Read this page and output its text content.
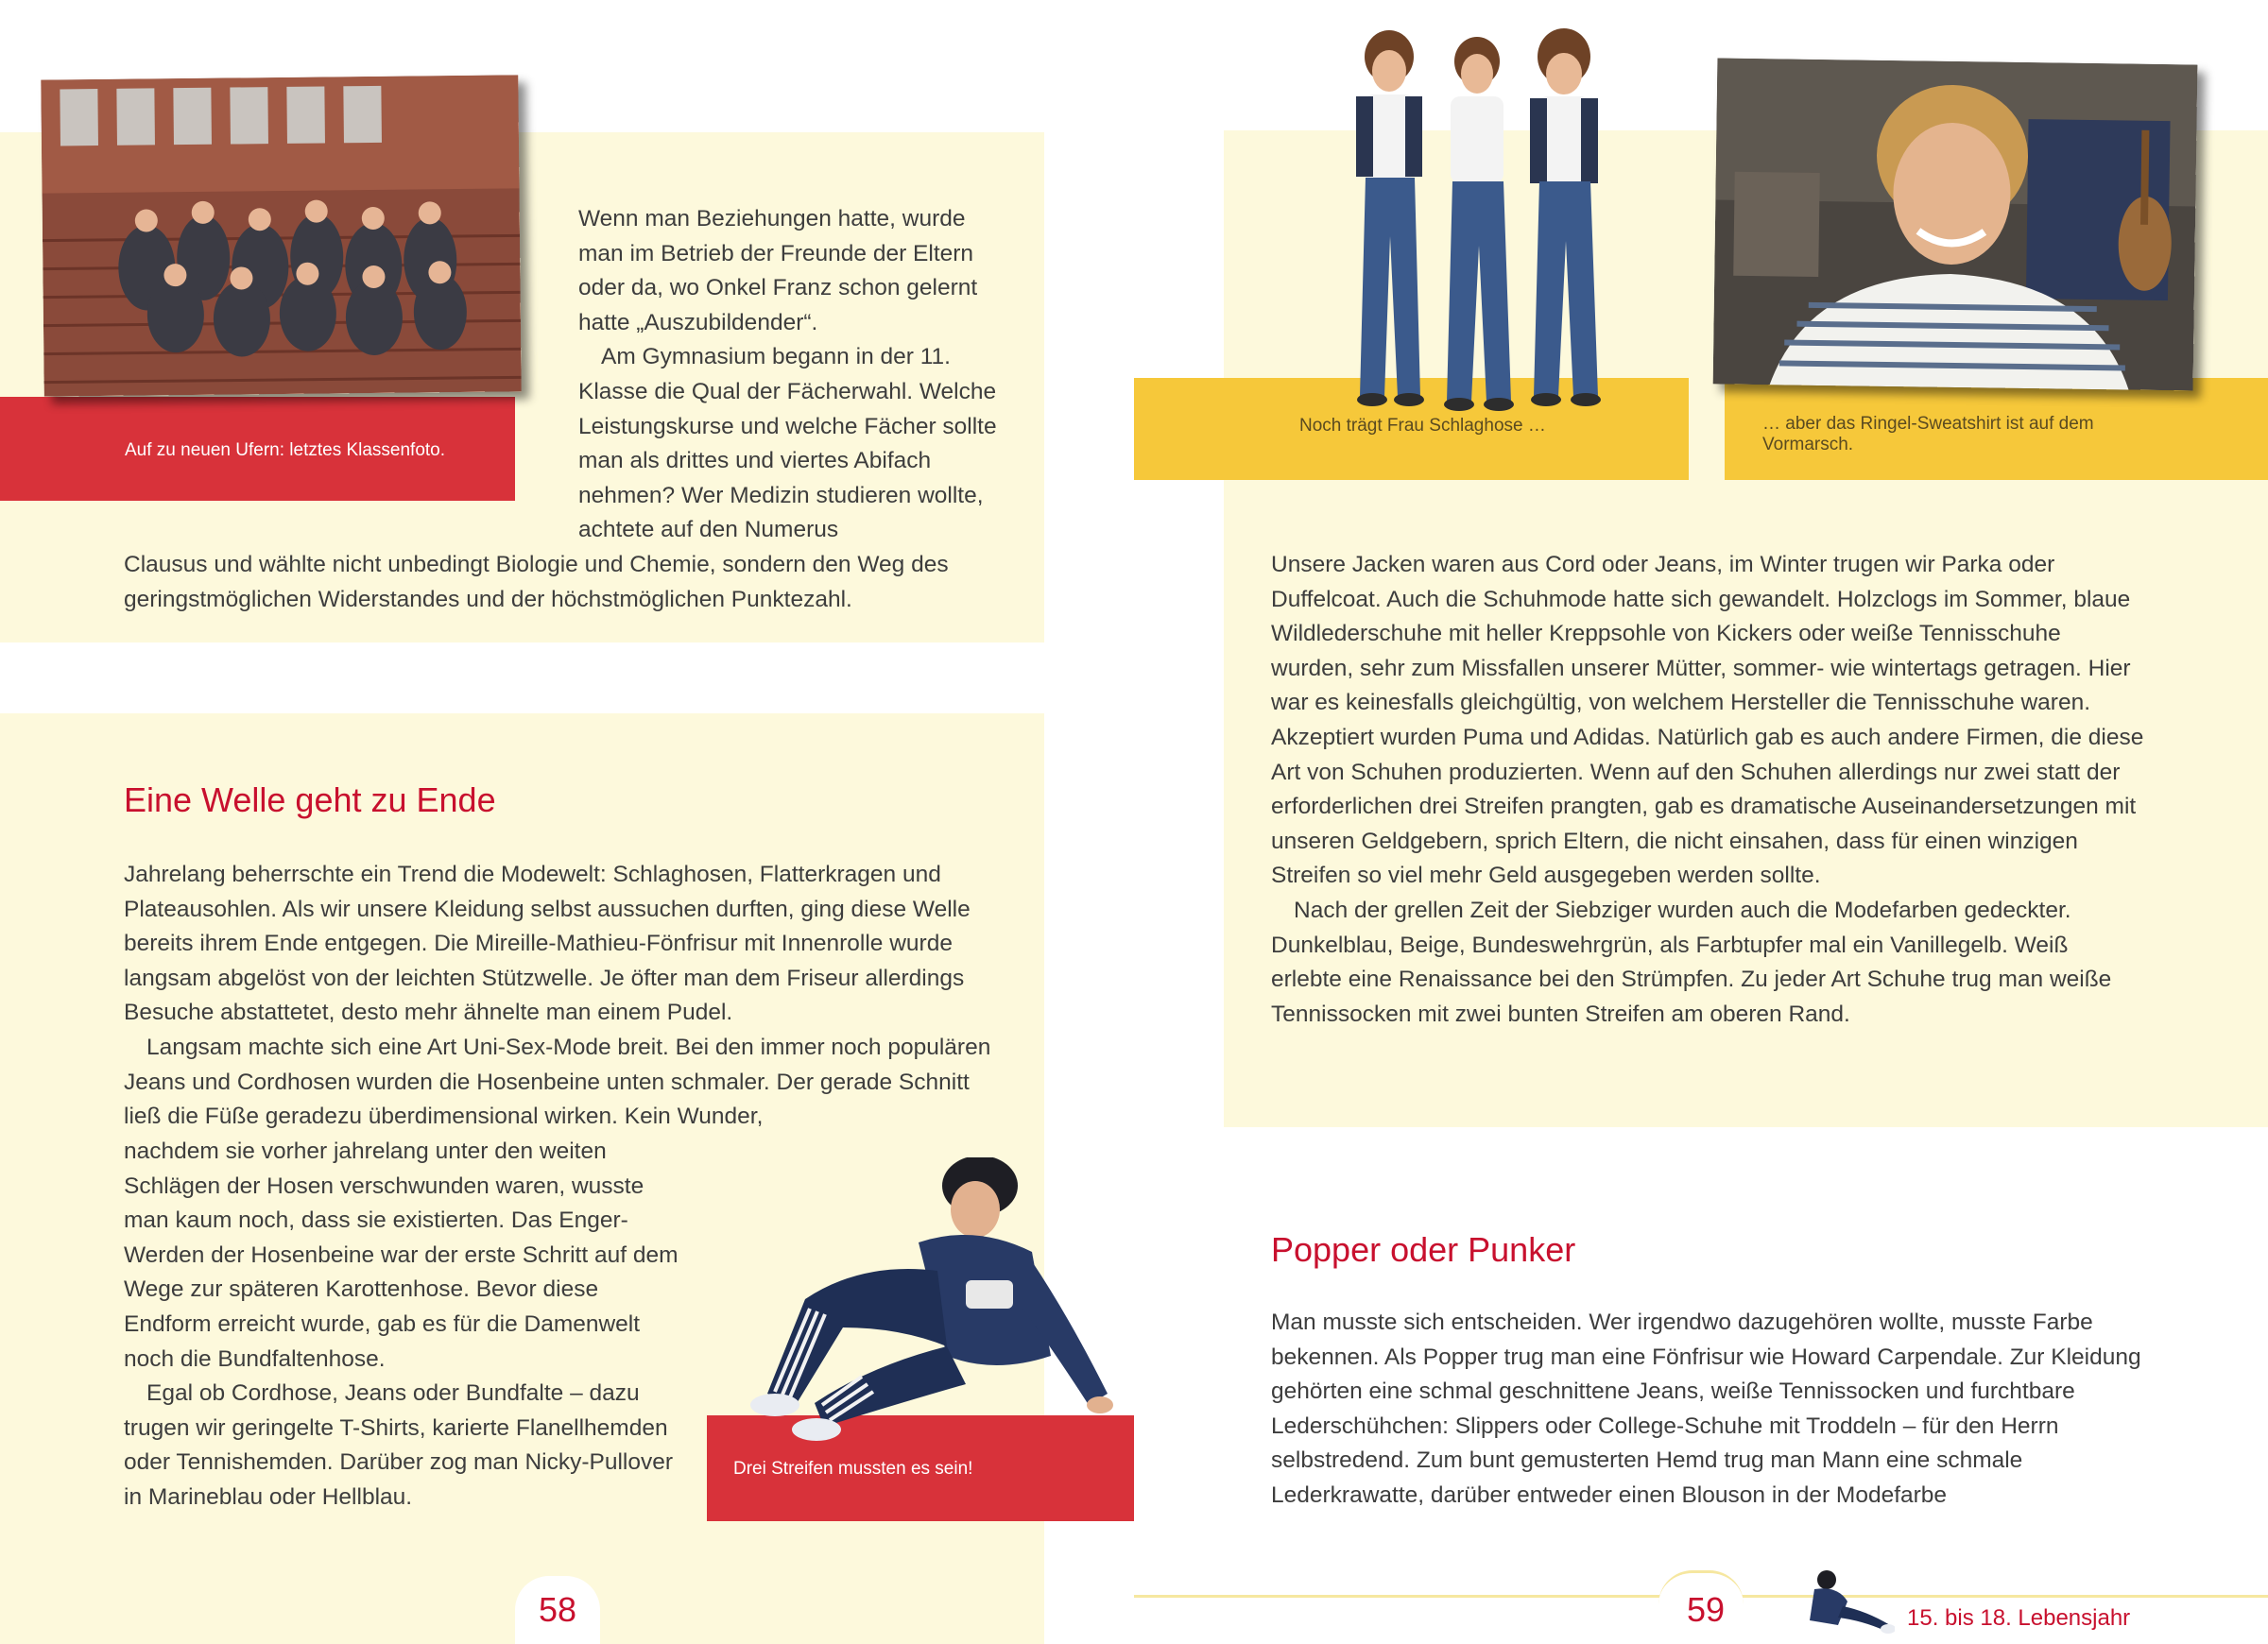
Auf zu neuen Ufern: letztes Klassenfoto.

Wenn man Beziehungen hatte, wurde man im Betrieb der Freunde der Eltern oder da, wo Onkel Franz schon gelernt hatte „Auszubildender“.

Am Gymnasium begann in der 11. Klasse die Qual der Fächerwahl. Welche Leistungskurse und welche Fächer sollte man als drittes und viertes Abifach nehmen? Wer Medizin studieren wollte, achtete auf den Numerus

Clausus und wählte nicht unbedingt Biologie und Chemie, sondern den Weg des geringstmöglichen Widerstandes und der höchstmöglichen Punktezahl.
Eine Welle geht zu Ende

Jahrelang beherrschte ein Trend die Modewelt: Schlaghosen, Flatterkragen und Plateausohlen. Als wir unsere Kleidung selbst aussuchen durften, ging diese Welle bereits ihrem Ende entgegen. Die Mireille-Mathieu-Fönfrisur mit Innenrolle wurde langsam abgelöst von der leichten Stützwelle. Je öfter man dem Friseur allerdings Besuche abstattetet, desto mehr ähnelte man einem Pudel.

Langsam machte sich eine Art Uni-Sex-Mode breit. Bei den immer noch populären Jeans und Cordhosen wurden die Hosenbeine unten schmaler. Der gerade Schnitt ließ die Füße geradezu überdimensional wirken. Kein Wunder,

nachdem sie vorher jahrelang unter den weiten Schlägen der Hosen verschwunden waren, wusste man kaum noch, dass sie existierten. Das Enger-Werden der Hosenbeine war der erste Schritt auf dem Wege zur späteren Karottenhose. Bevor diese Endform erreicht wurde, gab es für die Damenwelt noch die Bundfaltenhose.

Egal ob Cordhose, Jeans oder Bundfalte – dazu trugen wir geringelte T-Shirts, karierte Flanellhemden oder Tennishemden. Darüber zog man Nicky-Pullover in Marineblau oder Hellblau.

Drei Streifen mussten es sein!
58
Noch trägt Frau Schlaghose …	… aber das Ringel-Sweatshirt ist auf dem Vormarsch.

Unsere Jacken waren aus Cord oder Jeans, im Winter trugen wir Parka oder Duffelcoat. Auch die Schuhmode hatte sich gewandelt. Holzclogs im Sommer, blaue Wildlederschuhe mit heller Kreppsohle von Kickers oder weiße Tennisschuhe wurden, sehr zum Missfallen unserer Mütter, sommer- wie wintertags getragen. Hier war es keinesfalls gleichgültig, von welchem Hersteller die Tennisschuhe waren. Akzeptiert wurden Puma und Adidas. Natürlich gab es auch andere Firmen, die diese Art von Schuhen produzierten. Wenn auf den Schuhen allerdings nur zwei statt der erforderlichen drei Streifen prangten, gab es dramatische Auseinandersetzungen mit unseren Geldgebern, sprich Eltern, die nicht einsahen, dass für einen winzigen Streifen so viel mehr Geld ausgegeben werden sollte.

Nach der grellen Zeit der Siebziger wurden auch die Modefarben gedeckter. Dunkelblau, Beige, Bundeswehrgrün, als Farbtupfer mal ein Vanillegelb. Weiß erlebte eine Renaissance bei den Strümpfen. Zu jeder Art Schuhe trug man weiße Tennissocken mit zwei bunten Streifen am oberen Rand.

Popper oder Punker
Man musste sich entscheiden. Wer irgendwo dazugehören wollte, musste Farbe bekennen. Als Popper trug man eine Fönfrisur wie Howard Carpendale. Zur Kleidung gehörten eine schmal geschnittene Jeans, weiße Tennissocken und furchtbare Lederschühchen: Slippers oder College-Schuhe mit Troddeln – für den Herrn selbstredend. Zum bunt gemusterten Hemd trug man Mann eine schmale Lederkrawatte, darüber entweder einen Blouson in der Modefarbe
59	15. bis 18. Lebensjahr
